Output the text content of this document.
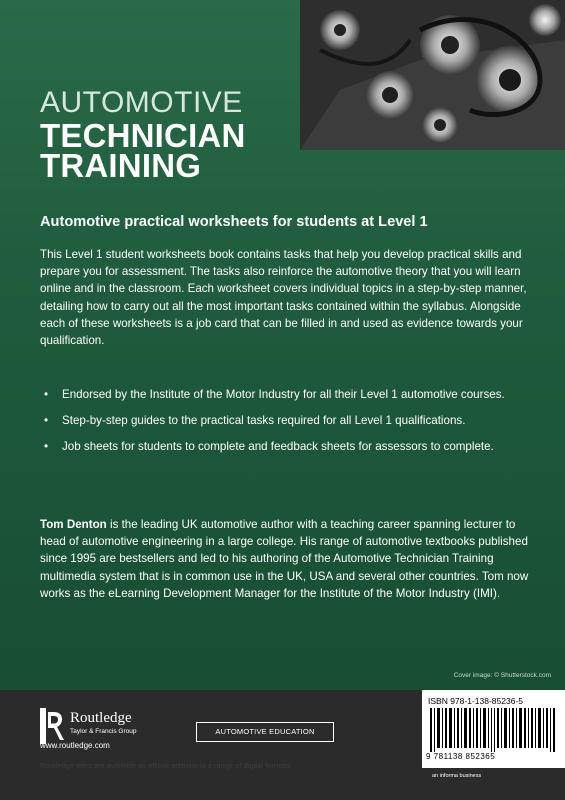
AUTOMOTIVE
TECHNICIAN
TRAINING
Automotive practical worksheets for students at Level 1
This Level 1 student worksheets book contains tasks that help you develop practical skills and prepare you for assessment. The tasks also reinforce the automotive theory that you will learn online and in the classroom. Each worksheet covers individual topics in a step-by-step manner, detailing how to carry out all the most important tasks contained within the syllabus. Alongside each of these worksheets is a job card that can be filled in and used as evidence towards your qualification.
• Endorsed by the Institute of the Motor Industry for all their Level 1 automotive courses.
• Step-by-step guides to the practical tasks required for all Level 1 qualifications.
• Job sheets for students to complete and feedback sheets for assessors to complete.
Tom Denton is the leading UK automotive author with a teaching career spanning lecturer to head of automotive engineering in a large college. His range of automotive textbooks published since 1995 are bestsellers and led to his authoring of the Automotive Technician Training multimedia system that is in common use in the UK, USA and several other countries. Tom now works as the eLearning Development Manager for the Institute of the Motor Industry (IMI).
Cover image: © Shutterstock.com
Routledge
Taylor & Francis Group
www.routledge.com
AUTOMOTIVE EDUCATION
Routledge titles are available as eBook editions in a range of digital formats
ISBN 978-1-138-85236-5
9 781138 852365
an informa business
